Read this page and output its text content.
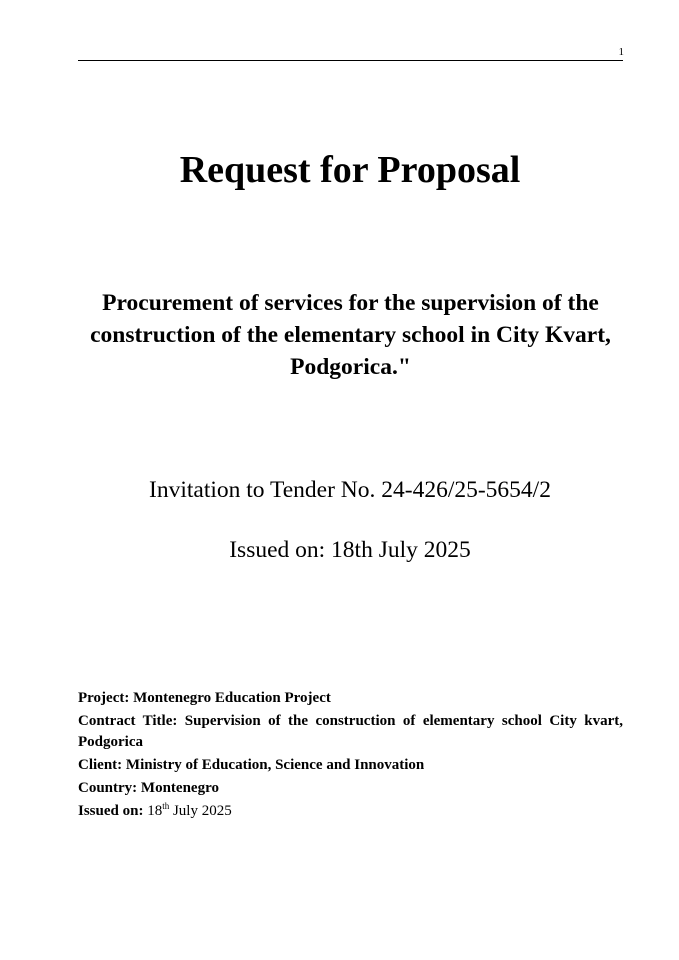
1
Request for Proposal
Procurement of services for the supervision of the construction of the elementary school in City Kvart, Podgorica."
Invitation to Tender No. 24-426/25-5654/2
Issued on: 18th July 2025
Project: Montenegro Education Project
Contract Title: Supervision of the construction of elementary school City kvart, Podgorica
Client: Ministry of Education, Science and Innovation
Country: Montenegro
Issued on: 18th July 2025
